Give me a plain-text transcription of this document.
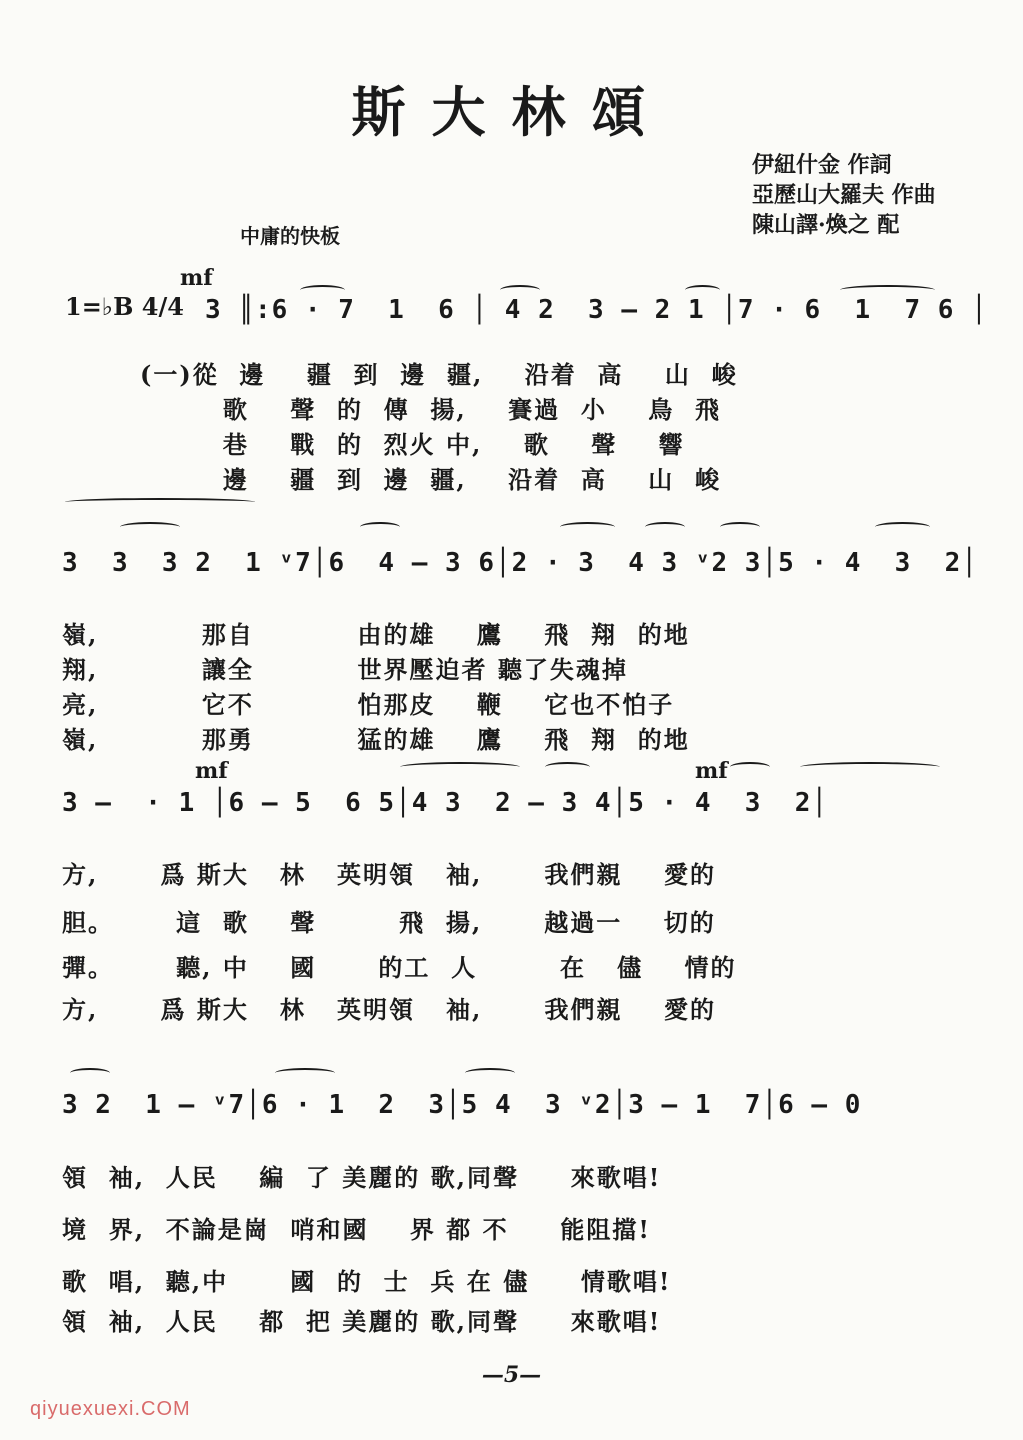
斯大林頌
伊紐什金 作詞
亞歷山大羅夫 作曲
陳山譯·煥之 配
中庸的快板
mf
mf	mf
1=♭B 4/4 3 ║:6 · 7  1  6 │ 4 2  3 — 2 1 │7 · 6  1  7 6 │
(一)從  邊    疆  到  邊  疆,    沿着  高    山  峻
歌    聲  的  傳  揚,    賽過  小    鳥  飛
巷    戰  的  烈火 中,    歌    聲    響
邊    疆  到  邊  疆,    沿着  高    山  峻
3  3  3 2  1 ᵛ7│6  4 — 3 6│2 · 3  4 3 ᵛ2 3│5 · 4  3  2│
嶺,          那自          由的雄    鷹    飛  翔  的地
翔,          讓全          世界壓迫者 聽了失魂掉
亮,          它不          怕那皮    鞭    它也不怕子
嶺,          那勇          猛的雄    鷹    飛  翔  的地
3 —  · 1 │6 — 5  6 5│4 3  2 — 3 4│5 · 4  3  2│
方,      爲 斯大   林   英明領   袖,      我們親    愛的
胆。      這  歌    聲        飛  揚,      越過一    切的
彈。      聽, 中    國      的工  人        在   儘    情的
方,      爲 斯大   林   英明領   袖,      我們親    愛的
3 2  1 — ᵛ7│6 · 1  2  3│5 4  3 ᵛ2│3 — 1  7│6 — 0
領  袖,  人民    編  了 美麗的 歌,同聲     來歌唱!
境  界,  不論是崗  哨和國    界 都 不     能阻擋!
歌  唱,  聽,中      國  的  士  兵 在 儘     情歌唱!
領  袖,  人民    都  把 美麗的 歌,同聲     來歌唱!
—5—
qiyuexuexi.COM
